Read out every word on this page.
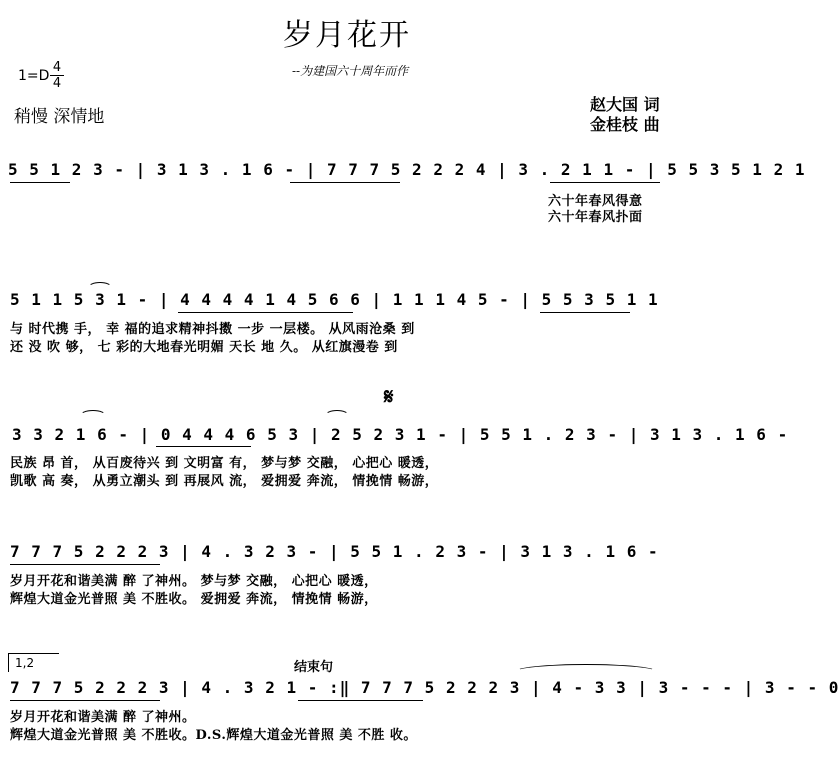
岁月花开
--为建国六十周年而作
1=D
4
4
稍慢 深情地
赵大国 词
金桂枝 曲
5 5 1 2 3 - | 3 1 3 . 1 6 - | 7 7 7 5 2 2 2 4 | 3 . 2 1 1 - | 5 5 3 5 1 2 1
六十年春风得意
六十年春风扑面
5 1 1 5 3 1 - | 4 4 4 4 1 4 5 6 6 | 1 1 1 4 5 - | 5 5 3 5 1 1
与 时代携 手， 幸 福的追求精神抖擞 一步 一层楼。 从风雨沧桑 到
还 没 吹 够， 七 彩的大地春光明媚 天长 地 久。 从红旗漫卷 到
𝄋
3 3 2 1 6 - | 0 4 4 4 6 5 3 | 2 5 2 3 1 - | 5 5 1 . 2 3 - | 3 1 3 . 1 6 -
民族 昂 首， 从百废待兴 到 文明富 有， 梦与梦 交融， 心把心 暖透，
凯歌 高 奏， 从勇立潮头 到 再展风 流， 爱拥爱 奔流， 情挽情 畅游，
7 7 7 5 2 2 2 3 | 4 . 3 2 3 - | 5 5 1 . 2 3 - | 3 1 3 . 1 6 -
岁月开花和谐美满 醉 了神州。 梦与梦 交融， 心把心 暖透，
辉煌大道金光普照 美 不胜收。 爱拥爱 奔流， 情挽情 畅游，
1,2	结束句
7 7 7 5 2 2 2 3 | 4 . 3 2 1 - :‖ 7 7 7 5 2 2 2 3 | 4 - 3 3 | 3 - - - | 3 - - 0
岁月开花和谐美满 醉 了神州。
辉煌大道金光普照 美 不胜收。D.S.辉煌大道金光普照 美 不胜 收。
